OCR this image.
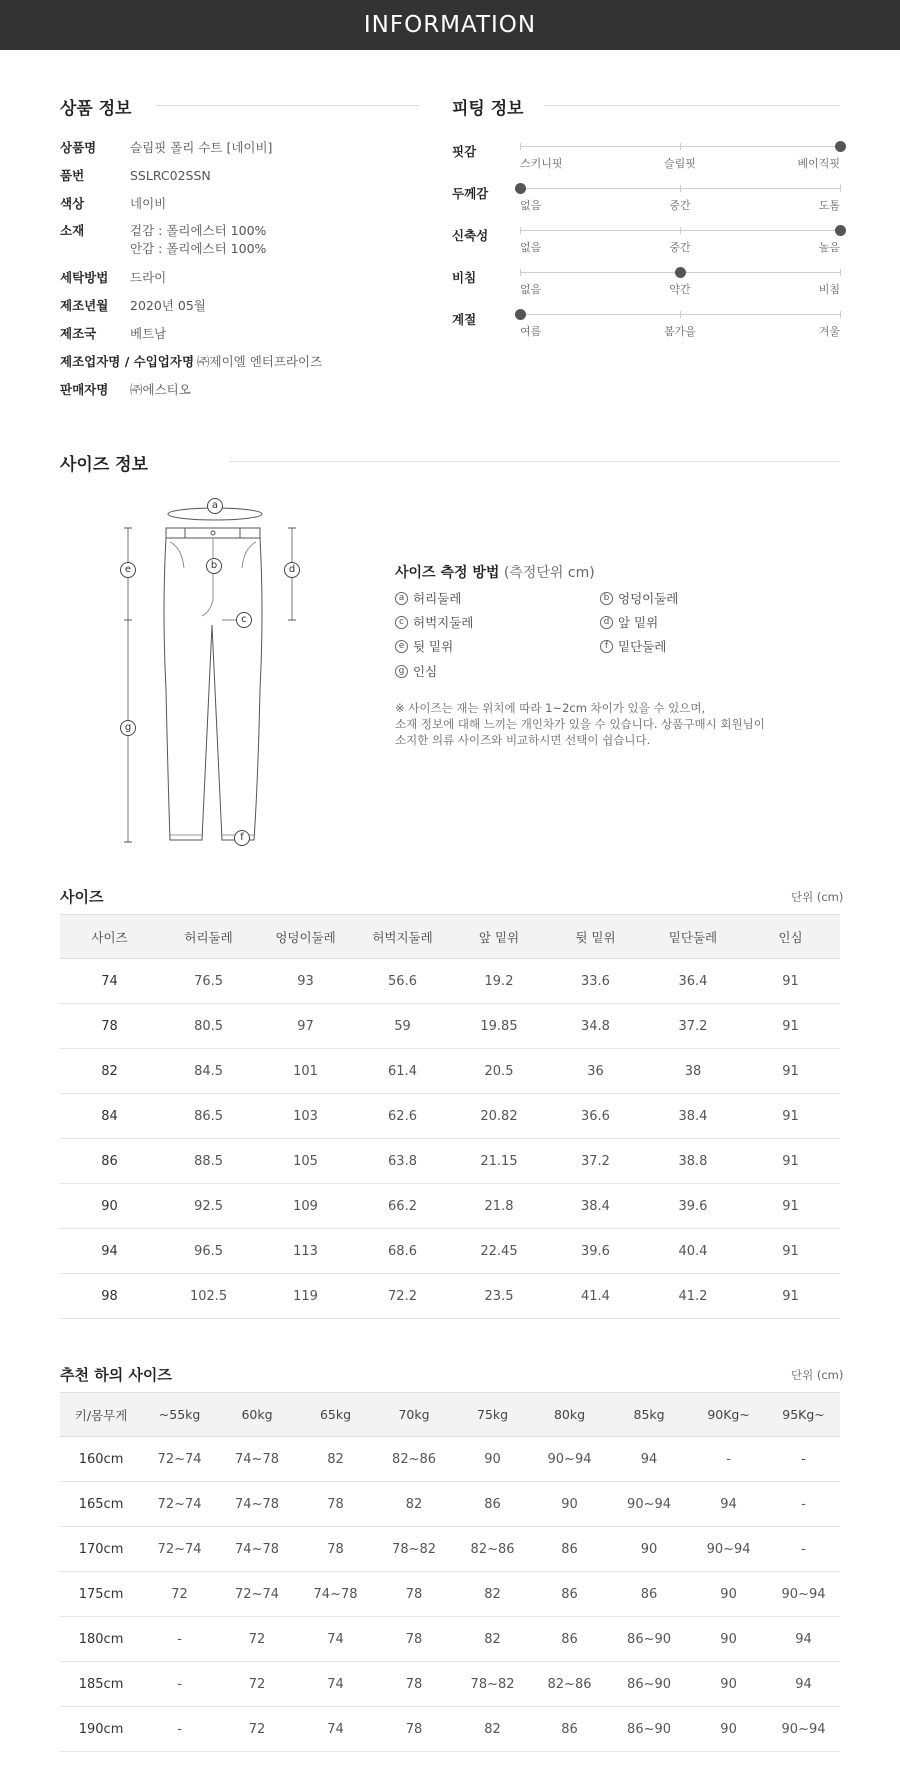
INFORMATION
상품 정보
상품명	슬림핏 폴리 수트 [네이비]
품번	SSLRC02SSN
색상	네이비
소재	겉감 : 폴리에스터 100%
안감 : 폴리에스터 100%
세탁방법	드라이
제조년월	2020년 05월
제조국	베트남
제조업자명 / 수입업자명 ㈜제이엘 엔터프라이즈
판매자명	㈜에스티오
피팅 정보
핏감
스키니핏	슬림핏	베이직핏
두께감
없음	중간	도톰
신축성
없음	중간	높음
비침
없음	약간	비침
계절
여름	봄가을	겨울
사이즈 정보
a
b
c
d
e
f
g
사이즈 측정 방법 (측정단위 cm)
a 허리둘레	b 엉덩이둘레
c 허벅지둘레	d 앞 밑위
e 뒷 밑위	f 밑단둘레
g 인심
※ 사이즈는 재는 위치에 따라 1~2cm 차이가 있을 수 있으며,
소재 정보에 대해 느끼는 개인차가 있을 수 있습니다. 상품구매시 회원님이
소지한 의류 사이즈와 비교하시면 선택이 쉽습니다.
사이즈	단위 (cm)
사이즈	허리둘레	엉덩이둘레	허벅지둘레	앞 밑위	뒷 밑위	밑단둘레	인심
74	76.5	93	56.6	19.2	33.6	36.4	91
78	80.5	97	59	19.85	34.8	37.2	91
82	84.5	101	61.4	20.5	36	38	91
84	86.5	103	62.6	20.82	36.6	38.4	91
86	88.5	105	63.8	21.15	37.2	38.8	91
90	92.5	109	66.2	21.8	38.4	39.6	91
94	96.5	113	68.6	22.45	39.6	40.4	91
98	102.5	119	72.2	23.5	41.4	41.2	91
추천 하의 사이즈	단위 (cm)
키/몸무게	~55kg	60kg	65kg	70kg	75kg	80kg	85kg	90Kg~	95Kg~
160cm	72~74	74~78	82	82~86	90	90~94	94	-	-
165cm	72~74	74~78	78	82	86	90	90~94	94	-
170cm	72~74	74~78	78	78~82	82~86	86	90	90~94	-
175cm	72	72~74	74~78	78	82	86	86	90	90~94
180cm	-	72	74	78	82	86	86~90	90	94
185cm	-	72	74	78	78~82	82~86	86~90	90	94
190cm	-	72	74	78	82	86	86~90	90	90~94
